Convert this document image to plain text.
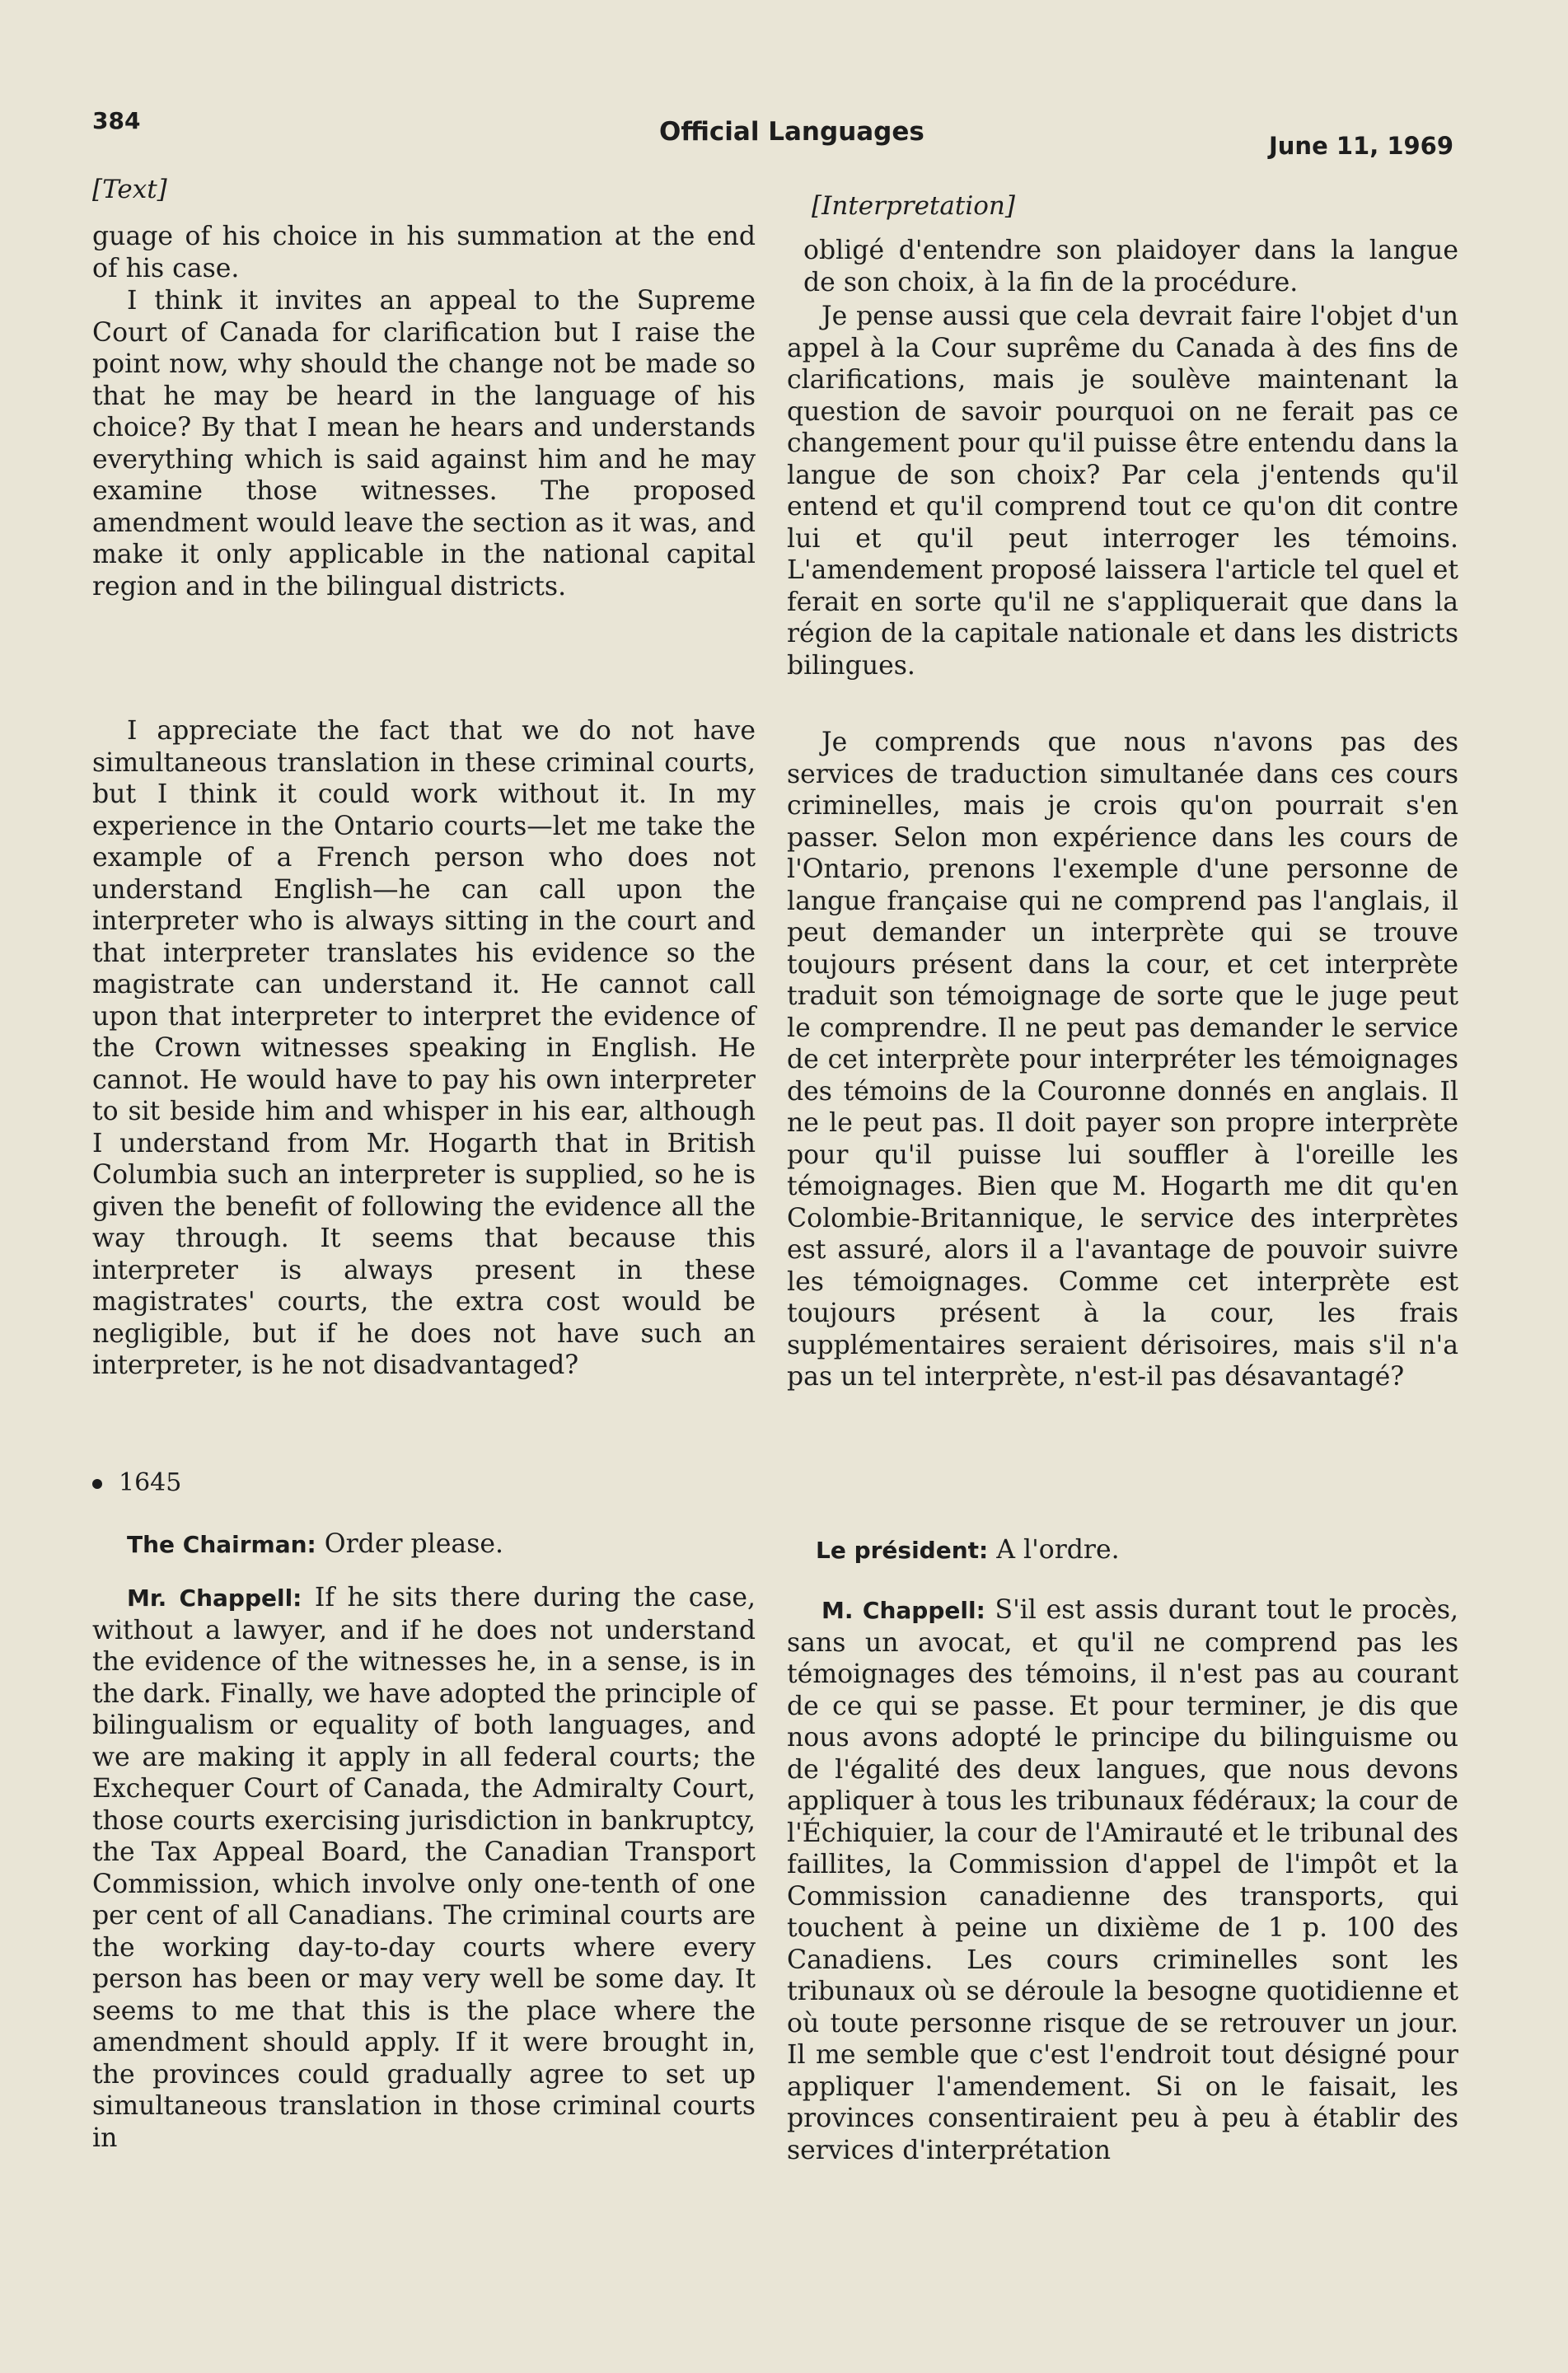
384	Official Languages	June 11, 1969
[Text]

guage of his choice in his summation at the end of his case.

I think it invites an appeal to the Supreme Court of Canada for clarification but I raise the point now, why should the change not be made so that he may be heard in the language of his choice? By that I mean he hears and understands everything which is said against him and he may examine those witnesses. The proposed amendment would leave the section as it was, and make it only applicable in the national capital region and in the bilingual districts.

I appreciate the fact that we do not have simultaneous translation in these criminal courts, but I think it could work without it. In my experience in the Ontario courts—let me take the example of a French person who does not understand English—he can call upon the interpreter who is always sitting in the court and that interpreter translates his evidence so the magistrate can understand it. He cannot call upon that interpreter to interpret the evidence of the Crown witnesses speaking in English. He cannot. He would have to pay his own interpreter to sit beside him and whisper in his ear, although I understand from Mr. Hogarth that in British Columbia such an interpreter is supplied, so he is given the benefit of following the evidence all the way through. It seems that because this interpreter is always present in these magistrates' courts, the extra cost would be negligible, but if he does not have such an interpreter, is he not disadvantaged?

1645

The Chairman: Order please.

Mr. Chappell: If he sits there during the case, without a lawyer, and if he does not understand the evidence of the witnesses he, in a sense, is in the dark. Finally, we have adopted the principle of bilingualism or equality of both languages, and we are making it apply in all federal courts; the Exchequer Court of Canada, the Admiralty Court, those courts exercising jurisdiction in bankruptcy, the Tax Appeal Board, the Canadian Transport Commission, which involve only one-tenth of one per cent of all Canadians. The criminal courts are the working day-to-day courts where every person has been or may very well be some day. It seems to me that this is the place where the amendment should apply. If it were brought in, the provinces could gradually agree to set up simultaneous translation in those criminal courts in

[Interpretation]

obligé d'entendre son plaidoyer dans la langue de son choix, à la fin de la procédure.

Je pense aussi que cela devrait faire l'objet d'un appel à la Cour suprême du Canada à des fins de clarifications, mais je soulève maintenant la question de savoir pourquoi on ne ferait pas ce changement pour qu'il puisse être entendu dans la langue de son choix? Par cela j'entends qu'il entend et qu'il comprend tout ce qu'on dit contre lui et qu'il peut interroger les témoins. L'amendement proposé laissera l'article tel quel et ferait en sorte qu'il ne s'appliquerait que dans la région de la capitale nationale et dans les districts bilingues.

Je comprends que nous n'avons pas des services de traduction simultanée dans ces cours criminelles, mais je crois qu'on pourrait s'en passer. Selon mon expérience dans les cours de l'Ontario, prenons l'exemple d'une personne de langue française qui ne comprend pas l'anglais, il peut demander un interprète qui se trouve toujours présent dans la cour, et cet interprète traduit son témoignage de sorte que le juge peut le comprendre. Il ne peut pas demander le service de cet interprète pour interpréter les témoignages des témoins de la Couronne donnés en anglais. Il ne le peut pas. Il doit payer son propre interprète pour qu'il puisse lui souffler à l'oreille les témoignages. Bien que M. Hogarth me dit qu'en Colombie-Britannique, le service des interprètes est assuré, alors il a l'avantage de pouvoir suivre les témoignages. Comme cet interprète est toujours présent à la cour, les frais supplémentaires seraient dérisoires, mais s'il n'a pas un tel interprète, n'est-il pas désavantagé?

Le président: A l'ordre.

M. Chappell: S'il est assis durant tout le procès, sans un avocat, et qu'il ne comprend pas les témoignages des témoins, il n'est pas au courant de ce qui se passe. Et pour terminer, je dis que nous avons adopté le principe du bilinguisme ou de l'égalité des deux langues, que nous devons appliquer à tous les tribunaux fédéraux; la cour de l'Échiquier, la cour de l'Amirauté et le tribunal des faillites, la Commission d'appel de l'impôt et la Commission canadienne des transports, qui touchent à peine un dixième de 1 p. 100 des Canadiens. Les cours criminelles sont les tribunaux où se déroule la besogne quotidienne et où toute personne risque de se retrouver un jour. Il me semble que c'est l'endroit tout désigné pour appliquer l'amendement. Si on le faisait, les provinces consentiraient peu à peu à établir des services d'interprétation
